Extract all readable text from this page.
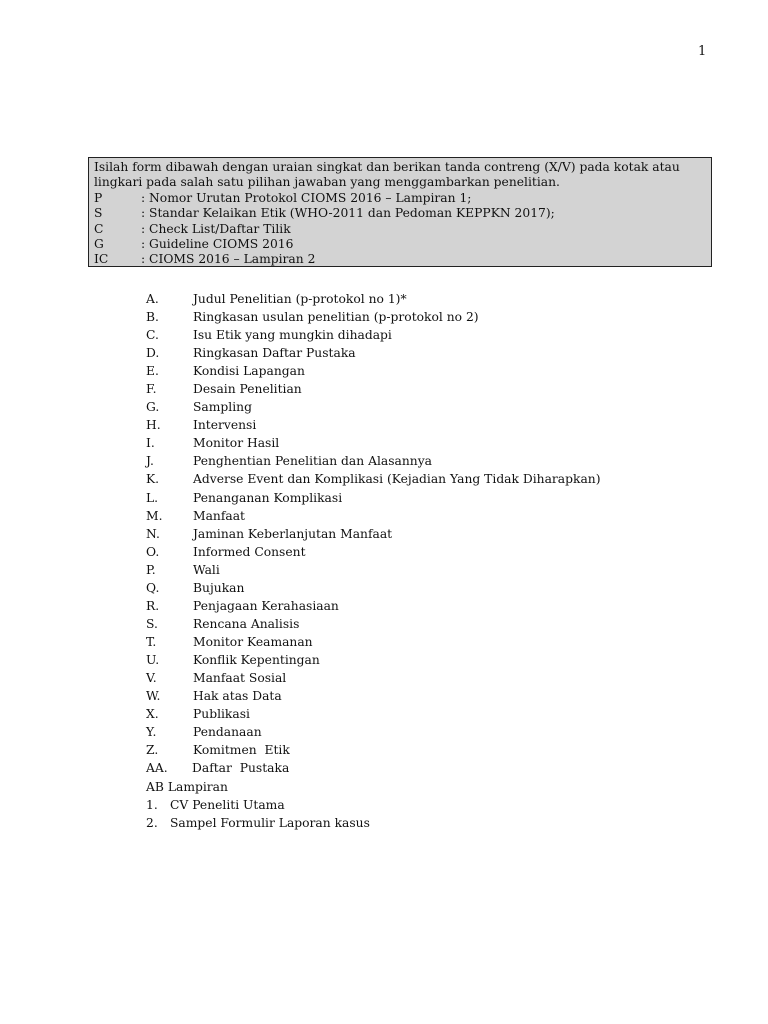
1

Isilah form dibawah dengan uraian singkat dan berikan tanda contreng (X/V) pada kotak atau lingkari pada salah satu pilihan jawaban yang menggambarkan penelitian.

P	: Nomor Urutan Protokol CIOMS 2016 – Lampiran 1;
S	: Standar Kelaikan Etik (WHO-2011 dan Pedoman KEPPKN 2017);
C	: Check List/Daftar Tilik
G	: Guideline CIOMS 2016
IC	: CIOMS 2016 – Lampiran 2
A.	Judul Penelitian (p-protokol no 1)*
B.	Ringkasan usulan penelitian (p-protokol no 2)
C.	Isu Etik yang mungkin dihadapi
D.	Ringkasan Daftar Pustaka
E.	Kondisi Lapangan
F.	Desain Penelitian
G.	Sampling
H.	Intervensi
I.	Monitor Hasil
J.	Penghentian Penelitian dan Alasannya
K.	Adverse Event dan Komplikasi (Kejadian Yang Tidak Diharapkan)
L.	Penanganan Komplikasi
M.	Manfaat
N.	Jaminan Keberlanjutan Manfaat
O.	Informed Consent
P.	Wali
Q.	Bujukan
R.	Penjagaan Kerahasiaan
S.	Rencana Analisis
T.	Monitor Keamanan
U.	Konflik Kepentingan
V.	Manfaat Sosial
W.	Hak atas Data
X.	Publikasi
Y.	Pendanaan
Z.	Komitmen  Etik
AA.	Daftar  Pustaka
AB Lampiran
1. CV Peneliti Utama
2. Sampel Formulir Laporan kasus
